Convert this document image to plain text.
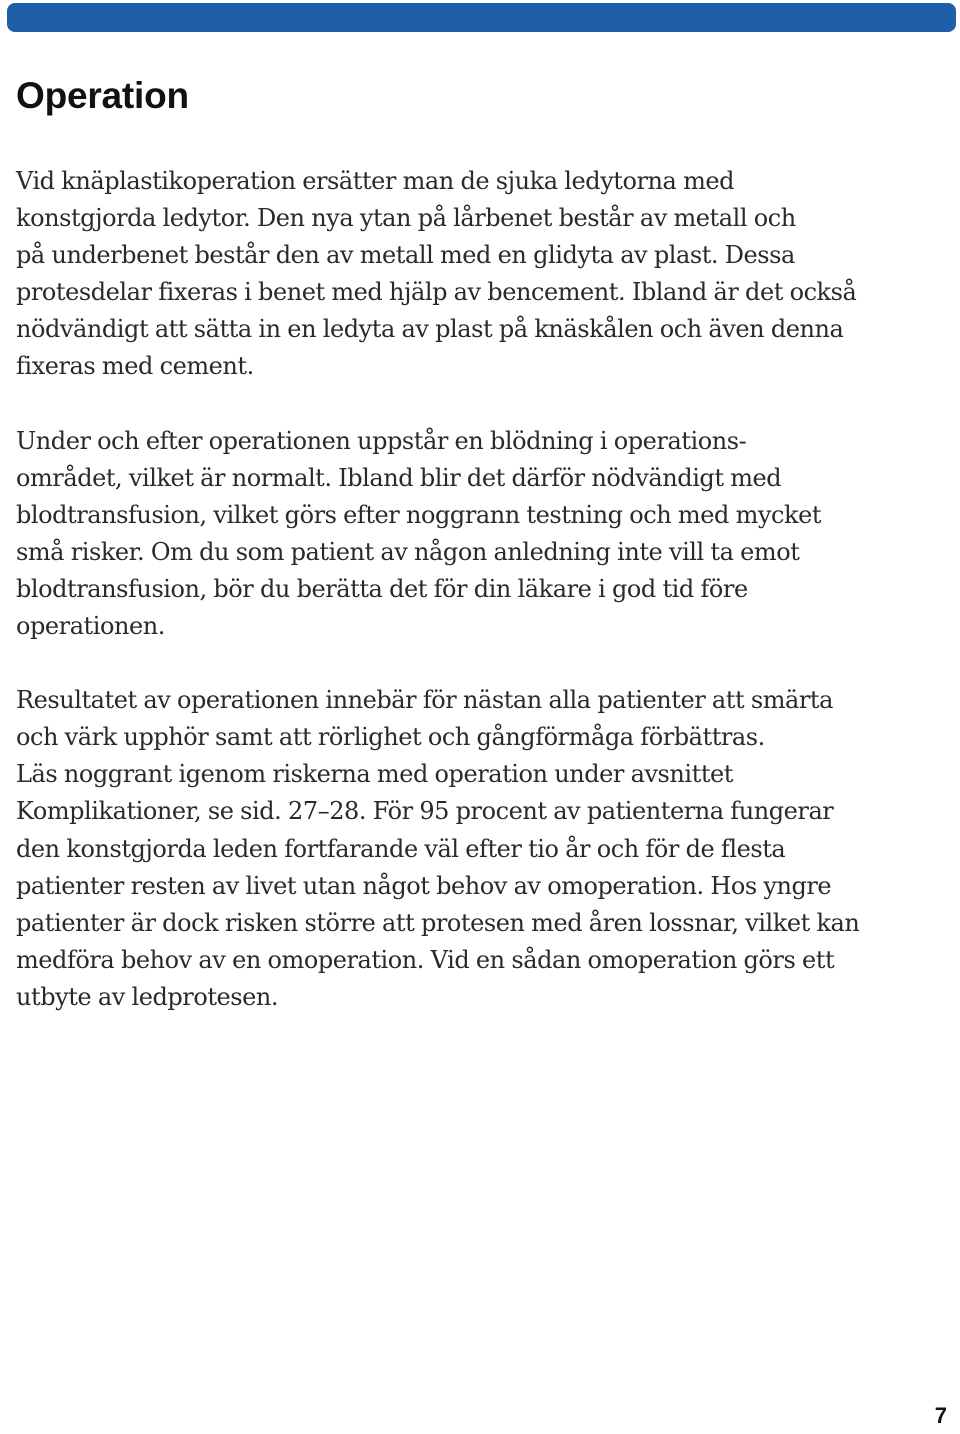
Operation

Vid knäplastikoperation ersätter man de sjuka ledytorna med
konstgjorda ledytor. Den nya ytan på lårbenet består av metall och
på underbenet består den av metall med en glidyta av plast. Dessa
protesdelar fixeras i benet med hjälp av bencement. Ibland är det också
nödvändigt att sätta in en ledyta av plast på knäskålen och även denna
fixeras med cement.

Under och efter operationen uppstår en blödning i operations-
området, vilket är normalt. Ibland blir det därför nödvändigt med
blodtransfusion, vilket görs efter noggrann testning och med mycket
små risker. Om du som patient av någon anledning inte vill ta emot
blodtransfusion, bör du berätta det för din läkare i god tid före
operationen.

Resultatet av operationen innebär för nästan alla patienter att smärta
och värk upphör samt att rörlighet och gångförmåga förbättras.
Läs noggrant igenom riskerna med operation under avsnittet
Komplikationer, se sid. 27–28. För 95 procent av patienterna fungerar
den konstgjorda leden fortfarande väl efter tio år och för de flesta
patienter resten av livet utan något behov av omoperation. Hos yngre
patienter är dock risken större att protesen med åren lossnar, vilket kan
medföra behov av en omoperation. Vid en sådan omoperation görs ett
utbyte av ledprotesen.

7
